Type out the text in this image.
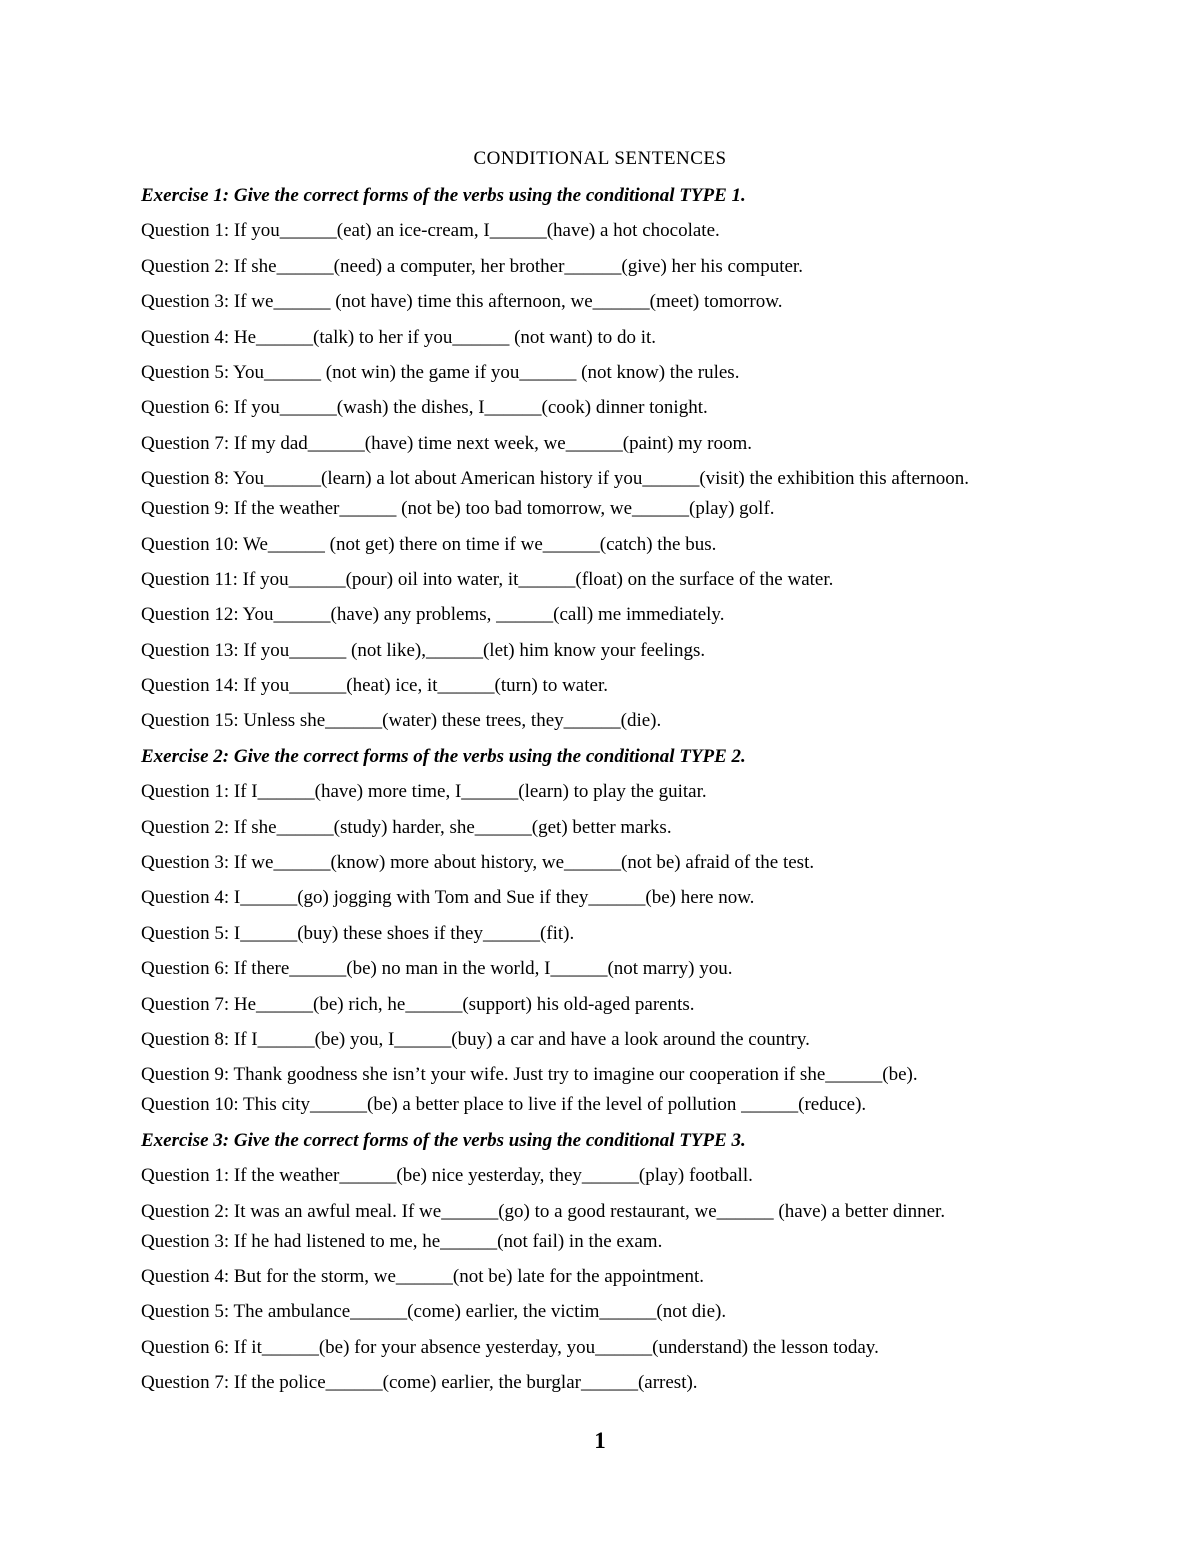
CONDITIONAL SENTENCES
Exercise 1: Give the correct forms of the verbs using the conditional TYPE 1.
Question 1: If you______(eat) an ice-cream, I______(have) a hot chocolate.
Question 2: If she______(need) a computer, her brother______(give) her his computer.
Question 3: If we______ (not have) time this afternoon, we______(meet) tomorrow.
Question 4: He______(talk) to her if you______ (not want) to do it.
Question 5: You______ (not win) the game if you______ (not know) the rules.
Question 6: If you______(wash) the dishes, I______(cook) dinner tonight.
Question 7: If my dad______(have) time next week, we______(paint) my room.
Question 8: You______(learn) a lot about American history if you______(visit) the exhibition this afternoon.
Question 9: If the weather______ (not be) too bad tomorrow, we______(play) golf.
Question 10: We______ (not get) there on time if we______(catch) the bus.
Question 11: If you______(pour) oil into water, it______(float) on the surface of the water.
Question 12: You______(have) any problems, ______(call) me immediately.
Question 13: If you______ (not like),______(let) him know your feelings.
Question 14: If you______(heat) ice, it______(turn) to water.
Question 15: Unless she______(water) these trees, they______(die).
Exercise 2: Give the correct forms of the verbs using the conditional TYPE 2.
Question 1: If I______(have) more time, I______(learn) to play the guitar.
Question 2: If she______(study) harder, she______(get) better marks.
Question 3: If we______(know) more about history, we______(not be) afraid of the test.
Question 4: I______(go) jogging with Tom and Sue if they______(be) here now.
Question 5: I______(buy) these shoes if they______(fit).
Question 6: If there______(be) no man in the world, I______(not marry) you.
Question 7: He______(be) rich, he______(support) his old-aged parents.
Question 8: If I______(be) you, I______(buy) a car and have a look around the country.
Question 9: Thank goodness she isn’t your wife. Just try to imagine our cooperation if she______(be).
Question 10: This city______(be) a better place to live if the level of pollution ______(reduce).
Exercise 3: Give the correct forms of the verbs using the conditional TYPE 3.
Question 1: If the weather______(be) nice yesterday, they______(play) football.
Question 2: It was an awful meal. If we______(go) to a good restaurant, we______ (have) a better dinner.
Question 3: If he had listened to me, he______(not fail) in the exam.
Question 4: But for the storm, we______(not be) late for the appointment.
Question 5: The ambulance______(come) earlier, the victim______(not die).
Question 6: If it______(be) for your absence yesterday, you______(understand) the lesson today.
Question 7: If the police______(come) earlier, the burglar______(arrest).
1
